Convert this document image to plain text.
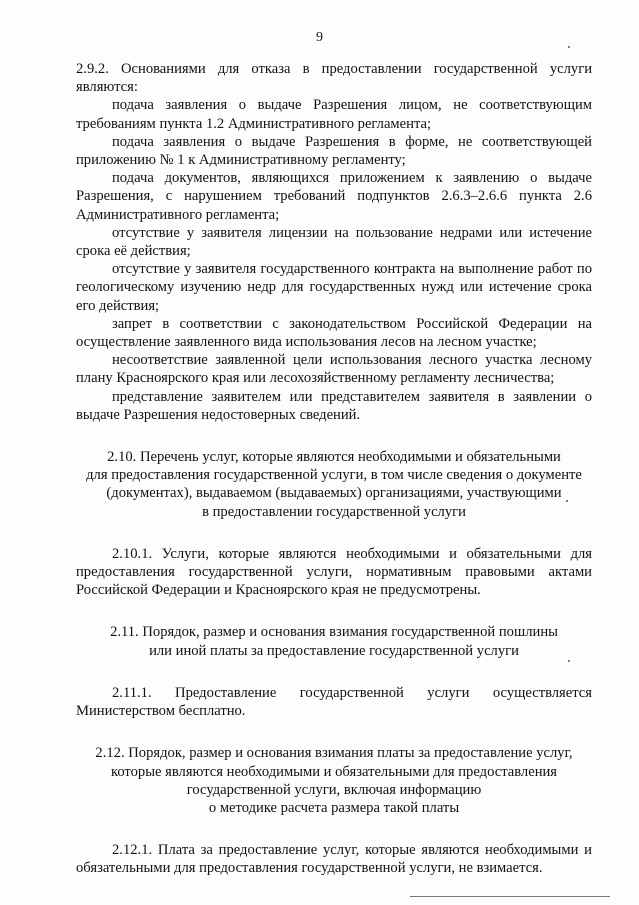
9

2.9.2. Основаниями для отказа в предоставлении государственной услуги являются:

подача заявления о выдаче Разрешения лицом, не соответствующим требованиям пункта 1.2 Административного регламента;

подача заявления о выдаче Разрешения в форме, не соответствующей приложению № 1 к Административному регламенту;

подача документов, являющихся приложением к заявлению о выдаче Разрешения, с нарушением требований подпунктов 2.6.3–2.6.6 пункта 2.6 Административного регламента;

отсутствие у заявителя лицензии на пользование недрами или истечение срока её действия;

отсутствие у заявителя государственного контракта на выполнение работ по геологическому изучению недр для государственных нужд или истечение срока его действия;

запрет в соответствии с законодательством Российской Федерации на осуществление заявленного вида использования лесов на лесном участке;

несоответствие заявленной цели использования лесного участка лесному плану Красноярского края или лесохозяйственному регламенту лесничества;

представление заявителем или представителем заявителя в заявлении о выдаче Разрешения недостоверных сведений.

2.10. Перечень услуг, которые являются необходимыми и обязательными
для предоставления государственной услуги, в том числе сведения о документе
(документах), выдаваемом (выдаваемых) организациями, участвующими
в предоставлении государственной услуги

2.10.1. Услуги, которые являются необходимыми и обязательными для предоставления государственной услуги, нормативным правовыми актами Российской Федерации и Красноярского края не предусмотрены.

2.11. Порядок, размер и основания взимания государственной пошлины
или иной платы за предоставление государственной услуги

2.11.1. Предоставление государственной услуги осуществляется Министерством бесплатно.

2.12. Порядок, размер и основания взимания платы за предоставление услуг,
которые являются необходимыми и обязательными для предоставления
государственной услуги, включая информацию
о методике расчета размера такой платы

2.12.1. Плата за предоставление услуг, которые являются необходимыми и обязательными для предоставления государственной услуги, не взимается.
